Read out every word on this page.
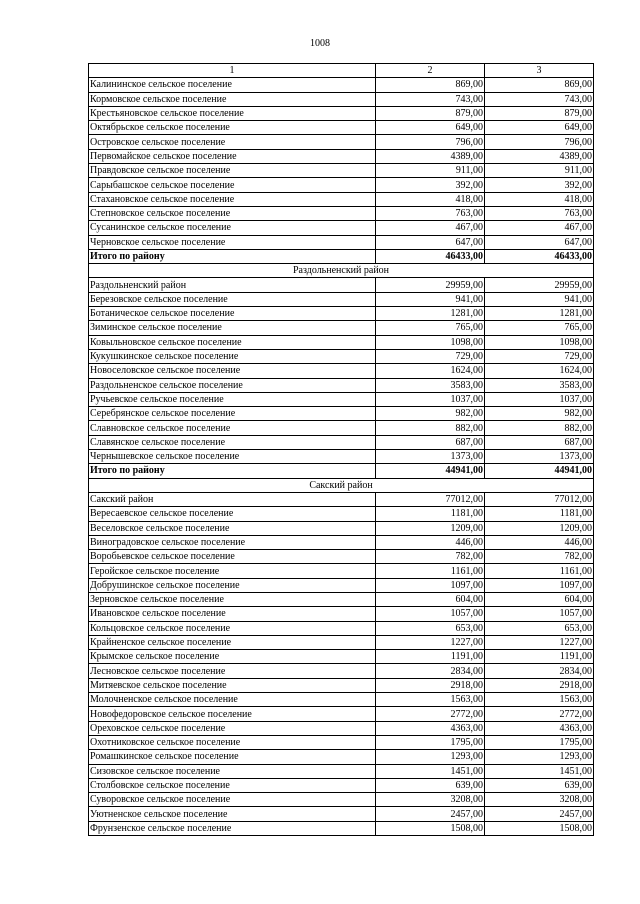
1008
1	2	3
Калининское сельское поселение	869,00	869,00
Кормовское сельское поселение	743,00	743,00
Крестьяновское сельское поселение	879,00	879,00
Октябрьское сельское поселение	649,00	649,00
Островское сельское поселение	796,00	796,00
Первомайское сельское поселение	4389,00	4389,00
Правдовское сельское поселение	911,00	911,00
Сарыбашское сельское поселение	392,00	392,00
Стахановское сельское поселение	418,00	418,00
Степновское сельское поселение	763,00	763,00
Сусанинское сельское поселение	467,00	467,00
Черновское сельское поселение	647,00	647,00
Итого по району	46433,00	46433,00
Раздольненский район		
Раздольненский район	29959,00	29959,00
Березовское сельское поселение	941,00	941,00
Ботаническое сельское поселение	1281,00	1281,00
Зиминское сельское поселение	765,00	765,00
Ковыльновское сельское поселение	1098,00	1098,00
Кукушкинское сельское поселение	729,00	729,00
Новоселовское сельское поселение	1624,00	1624,00
Раздольненское сельское поселение	3583,00	3583,00
Ручьевское сельское поселение	1037,00	1037,00
Серебрянское сельское поселение	982,00	982,00
Славновское сельское поселение	882,00	882,00
Славянское сельское поселение	687,00	687,00
Чернышевское сельское поселение	1373,00	1373,00
Итого по району	44941,00	44941,00
Сакский район		
Сакский район	77012,00	77012,00
Вересаевское сельское поселение	1181,00	1181,00
Веселовское сельское поселение	1209,00	1209,00
Виноградовское сельское поселение	446,00	446,00
Воробьевское сельское поселение	782,00	782,00
Геройское сельское поселение	1161,00	1161,00
Добрушинское сельское поселение	1097,00	1097,00
Зерновское сельское поселение	604,00	604,00
Ивановское сельское поселение	1057,00	1057,00
Кольцовское сельское поселение	653,00	653,00
Крайненское сельское поселение	1227,00	1227,00
Крымское сельское поселение	1191,00	1191,00
Лесновское сельское поселение	2834,00	2834,00
Митяевское сельское поселение	2918,00	2918,00
Молочненское сельское поселение	1563,00	1563,00
Новофедоровское сельское поселение	2772,00	2772,00
Ореховское сельское поселение	4363,00	4363,00
Охотниковское сельское поселение	1795,00	1795,00
Ромашкинское сельское поселение	1293,00	1293,00
Сизовское сельское поселение	1451,00	1451,00
Столбовское сельское поселение	639,00	639,00
Суворовское сельское поселение	3208,00	3208,00
Уютненское сельское поселение	2457,00	2457,00
Фрунзенское сельское поселение	1508,00	1508,00
